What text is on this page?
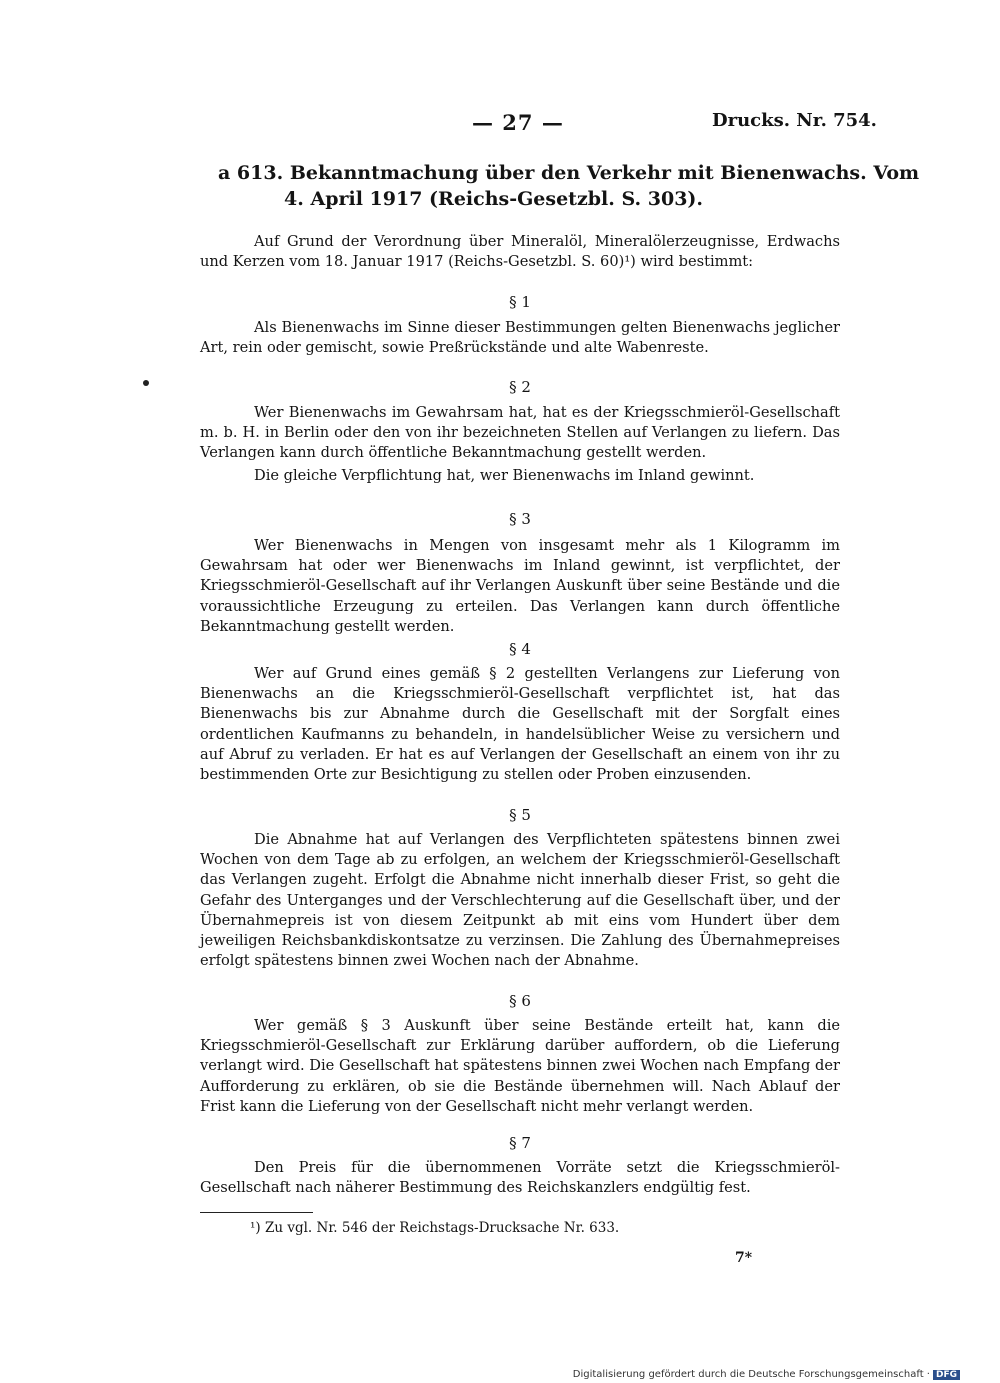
— 27 —	Drucks. Nr. 754.
a 613. Bekanntmachung über den Verkehr mit Bienenwachs. Vom
4. April 1917 (Reichs-Gesetzbl. S. 303).
Auf Grund der Verordnung über Mineralöl, Mineralölerzeugnisse, Erdwachs und Kerzen vom 18. Januar 1917 (Reichs-Gesetzbl. S. 60)¹) wird bestimmt:
§ 1
Als Bienenwachs im Sinne dieser Bestimmungen gelten Bienenwachs jeglicher Art, rein oder gemischt, sowie Preßrückstände und alte Wabenreste.
§ 2
Wer Bienenwachs im Gewahrsam hat, hat es der Kriegsschmieröl-Gesellschaft m. b. H. in Berlin oder den von ihr bezeichneten Stellen auf Verlangen zu liefern. Das Verlangen kann durch öffentliche Bekanntmachung gestellt werden.
Die gleiche Verpflichtung hat, wer Bienenwachs im Inland gewinnt.
§ 3
Wer Bienenwachs in Mengen von insgesamt mehr als 1 Kilogramm im Gewahrsam hat oder wer Bienenwachs im Inland gewinnt, ist verpflichtet, der Kriegsschmieröl-Gesellschaft auf ihr Verlangen Auskunft über seine Bestände und die voraussichtliche Erzeugung zu erteilen. Das Verlangen kann durch öffentliche Bekanntmachung gestellt werden.
§ 4
Wer auf Grund eines gemäß § 2 gestellten Verlangens zur Lieferung von Bienenwachs an die Kriegsschmieröl-Gesellschaft verpflichtet ist, hat das Bienenwachs bis zur Abnahme durch die Gesellschaft mit der Sorgfalt eines ordentlichen Kaufmanns zu behandeln, in handelsüblicher Weise zu versichern und auf Abruf zu verladen. Er hat es auf Verlangen der Gesellschaft an einem von ihr zu bestimmenden Orte zur Besichtigung zu stellen oder Proben einzusenden.
§ 5
Die Abnahme hat auf Verlangen des Verpflichteten spätestens binnen zwei Wochen von dem Tage ab zu erfolgen, an welchem der Kriegsschmieröl-Gesellschaft das Verlangen zugeht. Erfolgt die Abnahme nicht innerhalb dieser Frist, so geht die Gefahr des Unterganges und der Verschlechterung auf die Gesellschaft über, und der Übernahmepreis ist von diesem Zeitpunkt ab mit eins vom Hundert über dem jeweiligen Reichsbankdiskontsatze zu verzinsen. Die Zahlung des Übernahmepreises erfolgt spätestens binnen zwei Wochen nach der Abnahme.
§ 6
Wer gemäß § 3 Auskunft über seine Bestände erteilt hat, kann die Kriegsschmieröl-Gesellschaft zur Erklärung darüber auffordern, ob die Lieferung verlangt wird. Die Gesellschaft hat spätestens binnen zwei Wochen nach Empfang der Aufforderung zu erklären, ob sie die Bestände übernehmen will. Nach Ablauf der Frist kann die Lieferung von der Gesellschaft nicht mehr verlangt werden.
§ 7
Den Preis für die übernommenen Vorräte setzt die Kriegsschmieröl-Gesellschaft nach näherer Bestimmung des Reichskanzlers endgültig fest.
¹) Zu vgl. Nr. 546 der Reichstags-Drucksache Nr. 633.
7*
Digitalisierung gefördert durch die Deutsche Forschungsgemeinschaft · DFG
